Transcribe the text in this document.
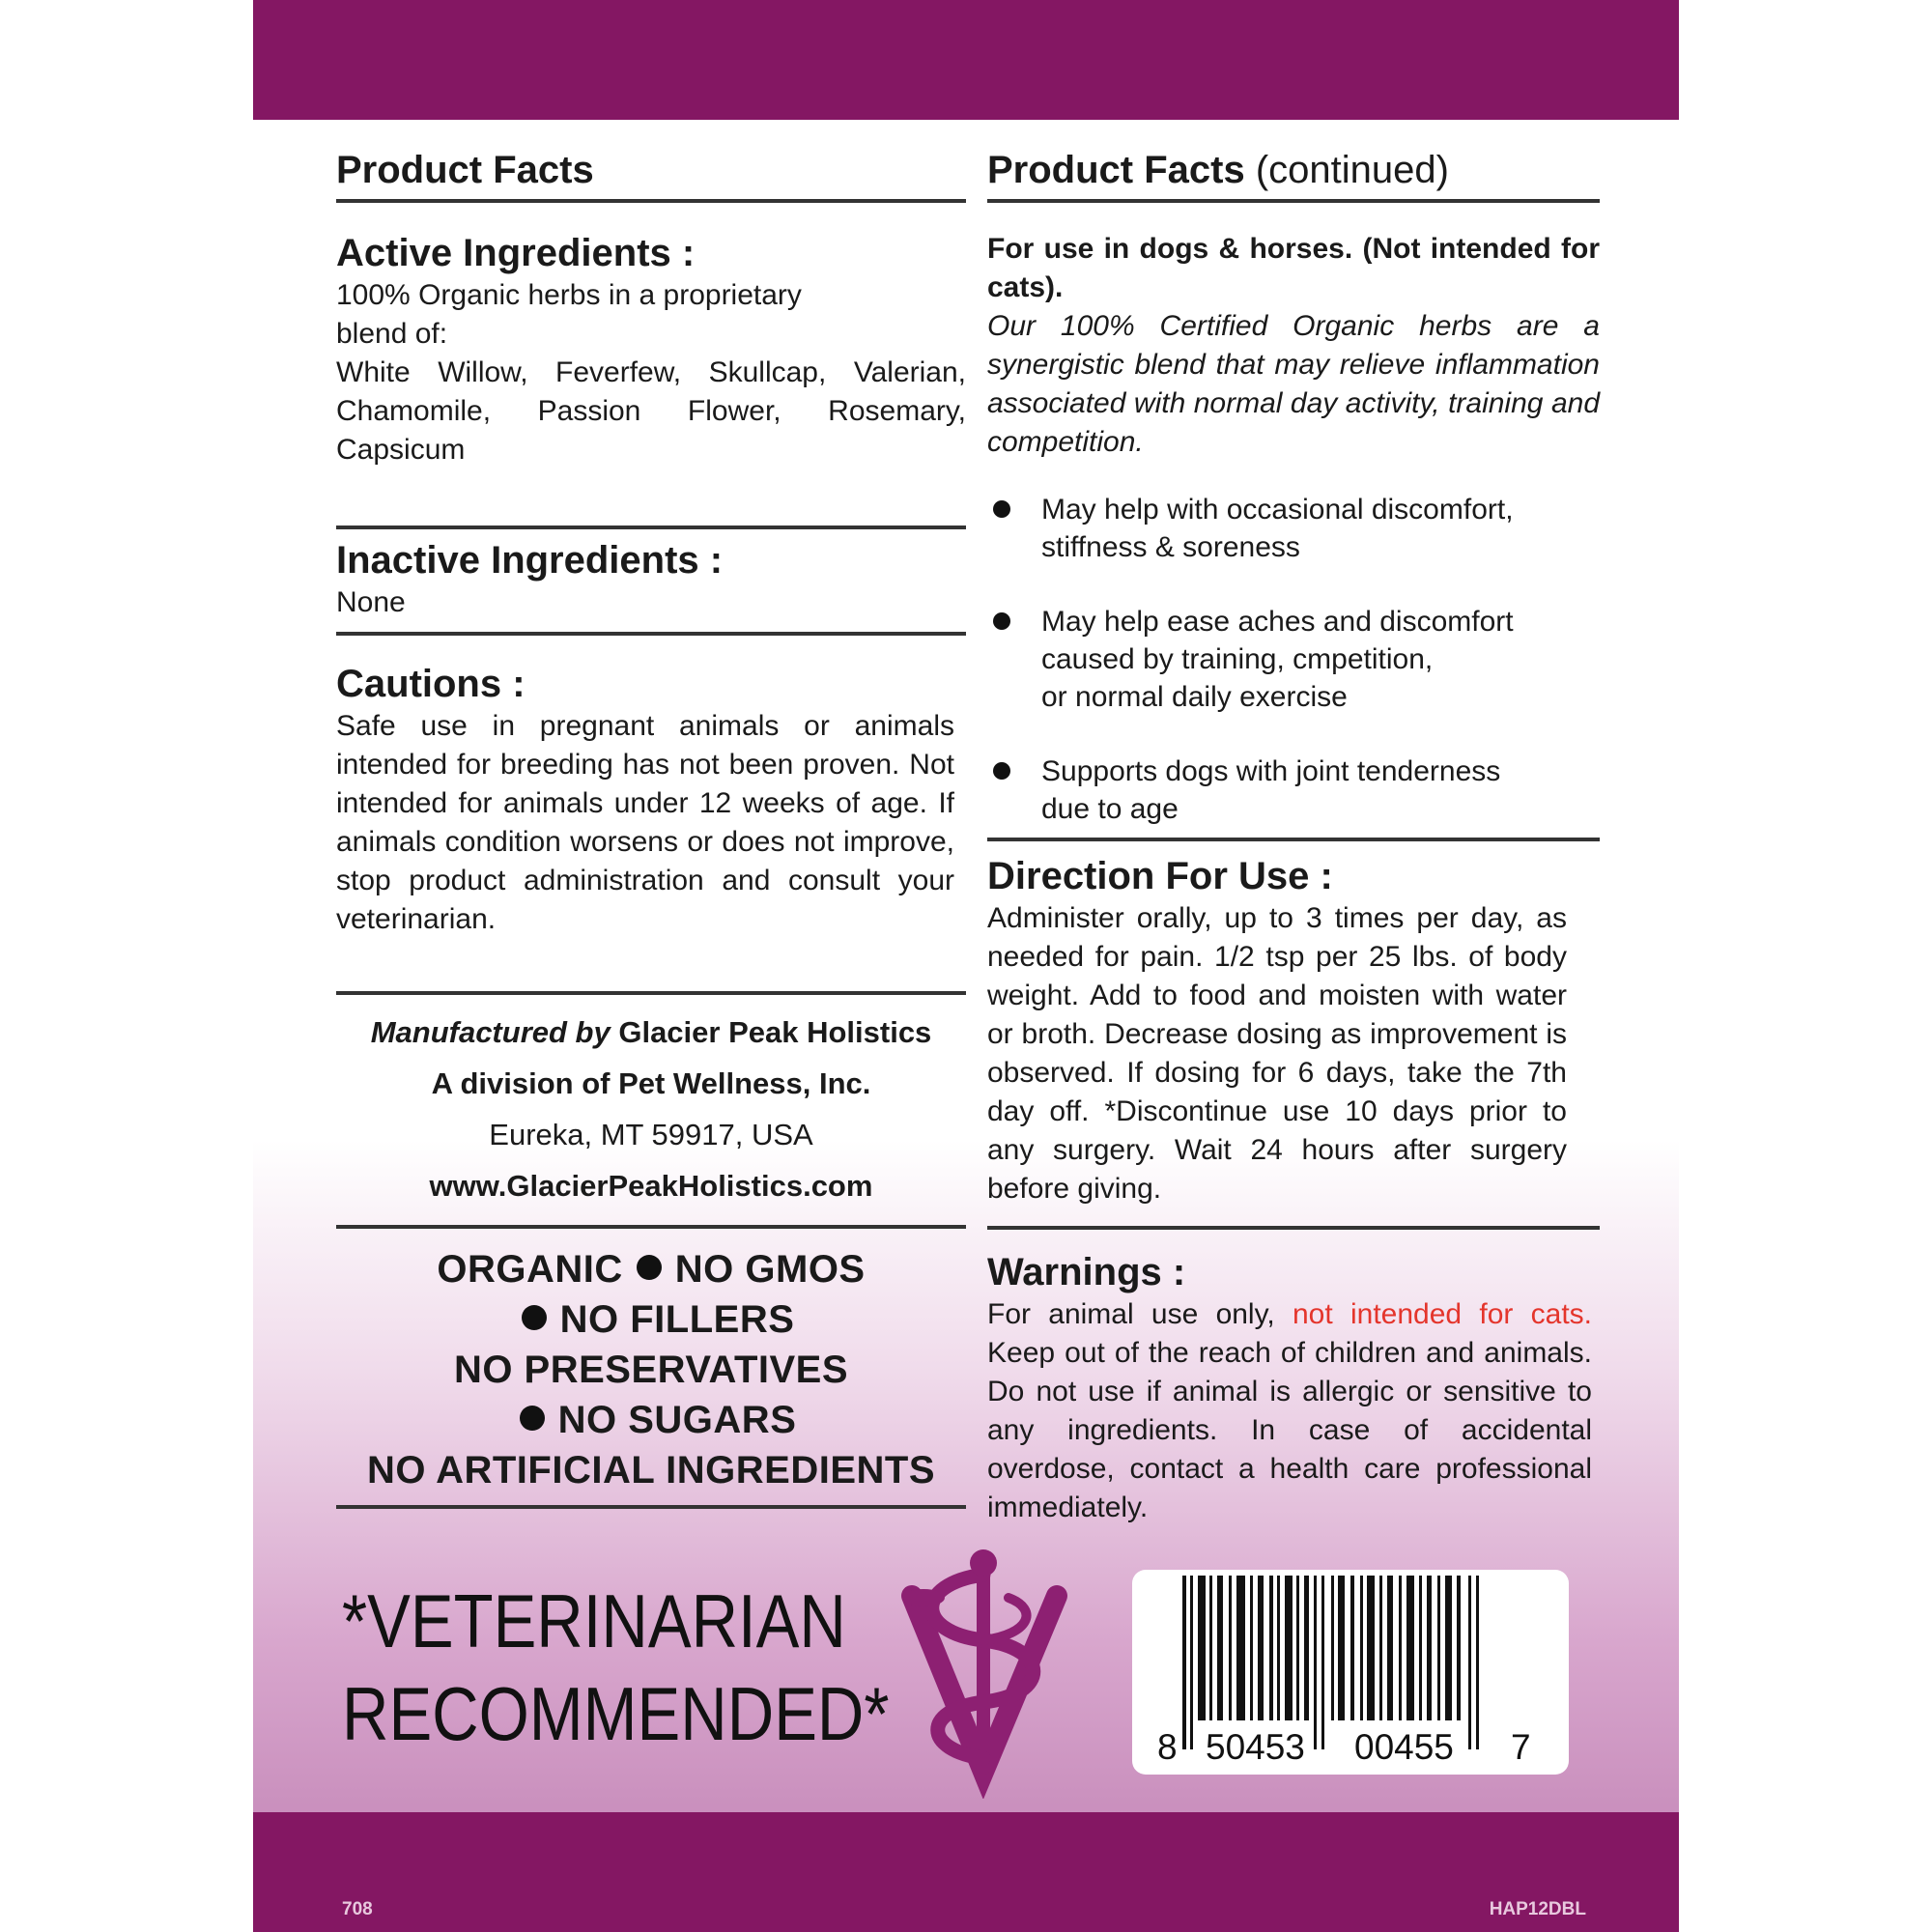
Product Facts
Active Ingredients :

100% Organic herbs in a proprietary blend of:

White Willow, Feverfew, Skullcap, Valerian, Chamomile, Passion Flower, Rosemary, Capsicum

Inactive Ingredients :

None

Cautions :

Safe use in pregnant animals or animals intended for breeding has not been proven. Not intended for animals under 12 weeks of age. If animals condition worsens or does not improve, stop product administration and consult your veterinarian.

Manufactured by Glacier Peak Holistics
A division of Pet Wellness, Inc.
Eureka, MT 59917, USA
www.GlacierPeakHolistics.com
ORGANIC NO GMOS
NO FILLERS
NO PRESERVATIVES
NO SUGARS
NO ARTIFICIAL INGREDIENTS
Product Facts (continued)

For use in dogs & horses. (Not intended for cats).

Our 100% Certified Organic herbs are a synergistic blend that may relieve inflammation associated with normal day activity, training and competition.

May help with occasional discomfort,
stiffness & soreness
May help ease aches and discomfort
caused by training, cmpetition,
or normal daily exercise
Supports dogs with joint tenderness
due to age
Direction For Use :

Administer orally, up to 3 times per day, as needed for pain. 1/2 tsp per 25 lbs. of body weight. Add to food and moisten with water or broth. Decrease dosing as improvement is observed. If dosing for 6 days, take the 7th day off. *Discontinue use 10 days prior to any surgery. Wait 24 hours after surgery before giving.

Warnings :

For animal use only, not intended for cats. Keep out of the reach of children and animals. Do not use if animal is allergic or sensitive to any ingredients. In case of accidental overdose, contact a health care professional immediately.

*VETERINARIAN
RECOMMENDED*	8 50453 00455 7
708	HAP12DBL
